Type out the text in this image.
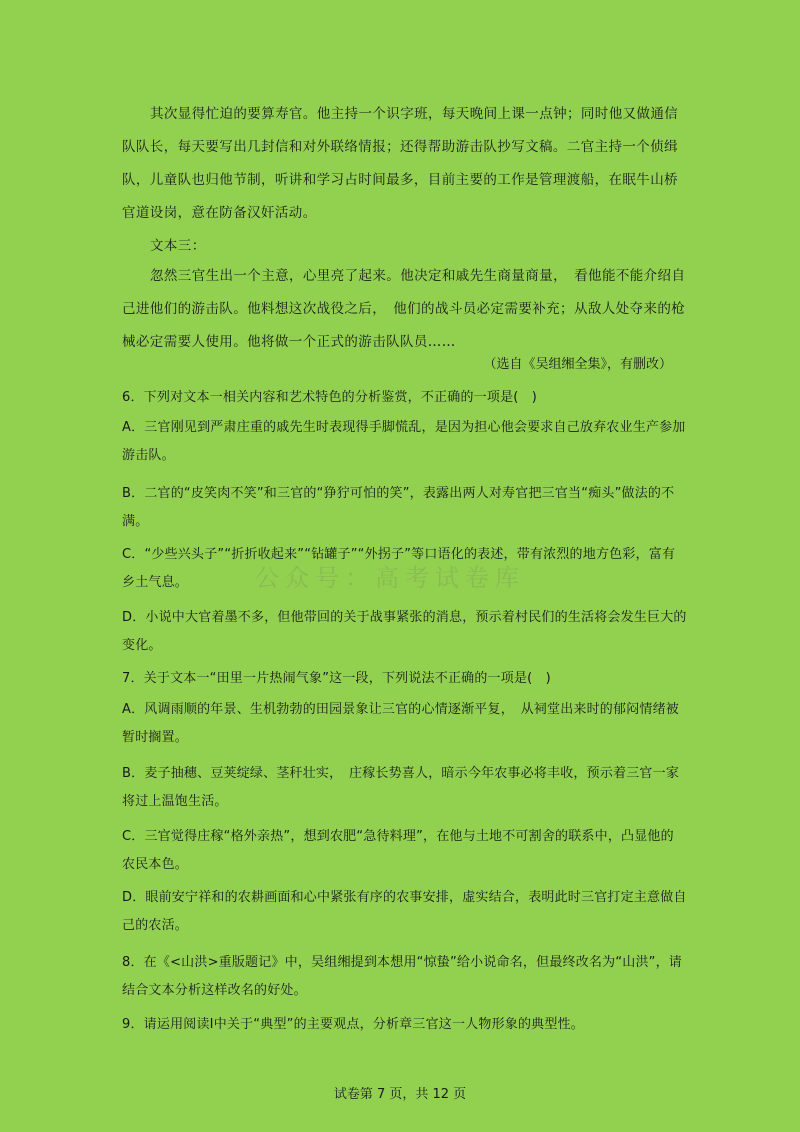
其次显得忙迫的要算寿官。他主持一个识字班，每天晚间上课一点钟；同时他又做通信队队长，每天要写出几封信和对外联络情报；还得帮助游击队抄写文稿。二官主持一个侦缉队，儿童队也归他节制，听讲和学习占时间最多，目前主要的工作是管理渡船，在眠牛山桥官道设岗，意在防备汉奸活动。
文本三：
忽然三官生出一个主意，心里亮了起来。他决定和戚先生商量商量，　看他能不能介绍自己进他们的游击队。他料想这次战役之后，　他们的战斗员必定需要补充；从敌人处夺来的枪械必定需要人使用。他将做一个正式的游击队队员……
（选自《吴组缃全集》，有删改）
6．下列对文本一相关内容和艺术特色的分析鉴赏，不正确的一项是(　)
A．三官刚见到严肃庄重的戚先生时表现得手脚慌乱，是因为担心他会要求自己放弃农业生产参加游击队。
B．二官的“皮笑肉不笑”和三官的“狰狞可怕的笑”，表露出两人对寿官把三官当“痴头”做法的不满。
C．“少些兴头子”“折折收起来”“钻罐子”“外拐子”等口语化的表述，带有浓烈的地方色彩，富有乡土气息。
D．小说中大官着墨不多，但他带回的关于战事紧张的消息，预示着村民们的生活将会发生巨大的变化。
公众号：高考试卷库
7．关于文本一“田里一片热闹气象”这一段，下列说法不正确的一项是(　)
A．风调雨顺的年景、生机勃勃的田园景象让三官的心情逐渐平复，　从祠堂出来时的郁闷情绪被暂时搁置。
B．麦子抽穗、豆荚绽绿、茎秆壮实，　庄稼长势喜人，暗示今年农事必将丰收，预示着三官一家将过上温饱生活。
C．三官觉得庄稼“格外亲热”，想到农肥“急待料理”，在他与土地不可割舍的联系中，凸显他的农民本色。
D．眼前安宁祥和的农耕画面和心中紧张有序的农事安排，虚实结合，表明此时三官打定主意做自己的农活。
8．在《<山洪>重版题记》中，吴组缃提到本想用“惊蛰”给小说命名，但最终改名为“山洪”，请结合文本分析这样改名的好处。
9．请运用阅读Ⅰ中关于“典型”的主要观点，分析章三官这一人物形象的典型性。
试卷第 7 页，共 12 页
